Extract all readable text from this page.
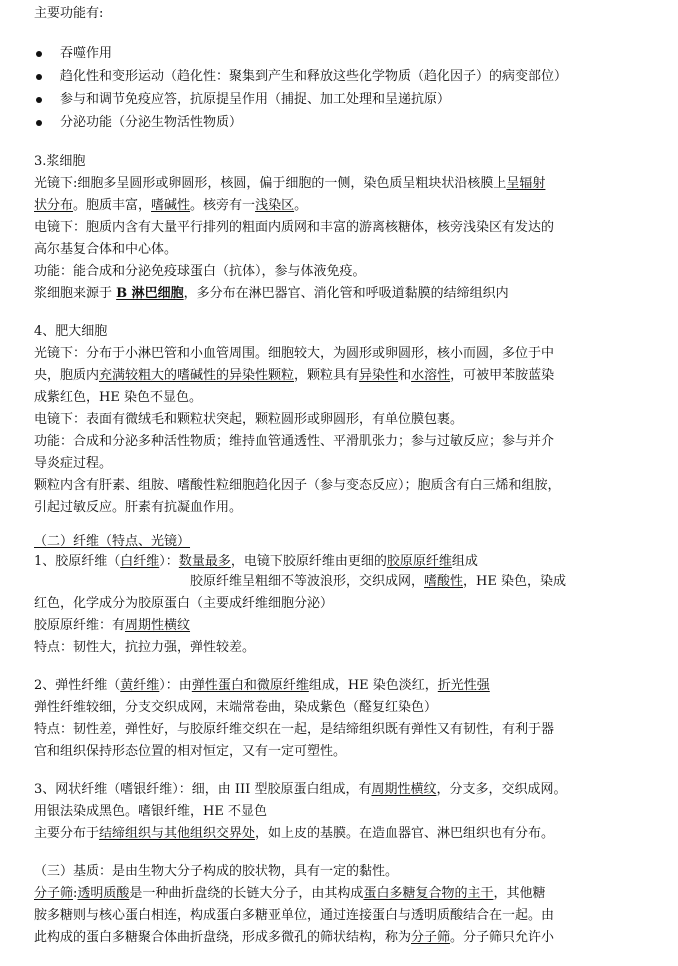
主要功能有:
吞噬作用
趋化性和变形运动（趋化性：聚集到产生和释放这些化学物质（趋化因子）的病变部位）
参与和调节免疫应答，抗原提呈作用（捕捉、加工处理和呈递抗原）
分泌功能（分泌生物活性物质）
3.浆细胞
光镜下:细胞多呈圆形或卵圆形，核圆，偏于细胞的一侧，染色质呈粗块状沿核膜上呈辐射
状分布。胞质丰富，嗜碱性。核旁有一浅染区。
电镜下：胞质内含有大量平行排列的粗面内质网和丰富的游离核糖体，核旁浅染区有发达的
高尔基复合体和中心体。
功能：能合成和分泌免疫球蛋白（抗体），参与体液免疫。
浆细胞来源于 B 淋巴细胞，多分布在淋巴器官、消化管和呼吸道黏膜的结缔组织内
4、肥大细胞
光镜下：分布于小淋巴管和小血管周围。细胞较大，为圆形或卵圆形，核小而圆，多位于中
央，胞质内充满较粗大的嗜碱性的异染性颗粒，颗粒具有异染性和水溶性，可被甲苯胺蓝染
成紫红色，HE 染色不显色。
电镜下：表面有微绒毛和颗粒状突起，颗粒圆形或卵圆形，有单位膜包裹。
功能：合成和分泌多种活性物质；维持血管通透性、平滑肌张力；参与过敏反应；参与并介
导炎症过程。
颗粒内含有肝素、组胺、嗜酸性粒细胞趋化因子（参与变态反应）；胞质含有白三烯和组胺，
引起过敏反应。肝素有抗凝血作用。
（二）纤维（特点、光镜）
1、胶原纤维（白纤维）：数量最多，电镜下胶原纤维由更细的胶原原纤维组成
胶原纤维呈粗细不等波浪形，交织成网，嗜酸性，HE 染色，染成
红色，化学成分为胶原蛋白（主要成纤维细胞分泌）
胶原原纤维：有周期性横纹
特点：韧性大，抗拉力强，弹性较差。
2、弹性纤维（黄纤维）：由弹性蛋白和微原纤维组成，HE 染色淡红，折光性强
弹性纤维较细，分支交织成网，末端常卷曲，染成紫色（醛复红染色）
特点：韧性差，弹性好，与胶原纤维交织在一起，是结缔组织既有弹性又有韧性，有利于器
官和组织保持形态位置的相对恒定，又有一定可塑性。
3、网状纤维（嗜银纤维）：细，由 III 型胶原蛋白组成，有周期性横纹，分支多，交织成网。
用银法染成黑色。嗜银纤维，HE 不显色
主要分布于结缔组织与其他组织交界处，如上皮的基膜。在造血器官、淋巴组织也有分布。
（三）基质：是由生物大分子构成的胶状物，具有一定的黏性。
分子筛:透明质酸是一种曲折盘绕的长链大分子，由其构成蛋白多糖复合物的主干，其他糖
胺多糖则与核心蛋白相连，构成蛋白多糖亚单位，通过连接蛋白与透明质酸结合在一起。由
此构成的蛋白多糖聚合体曲折盘绕，形成多微孔的筛状结构，称为分子筛。分子筛只允许小
